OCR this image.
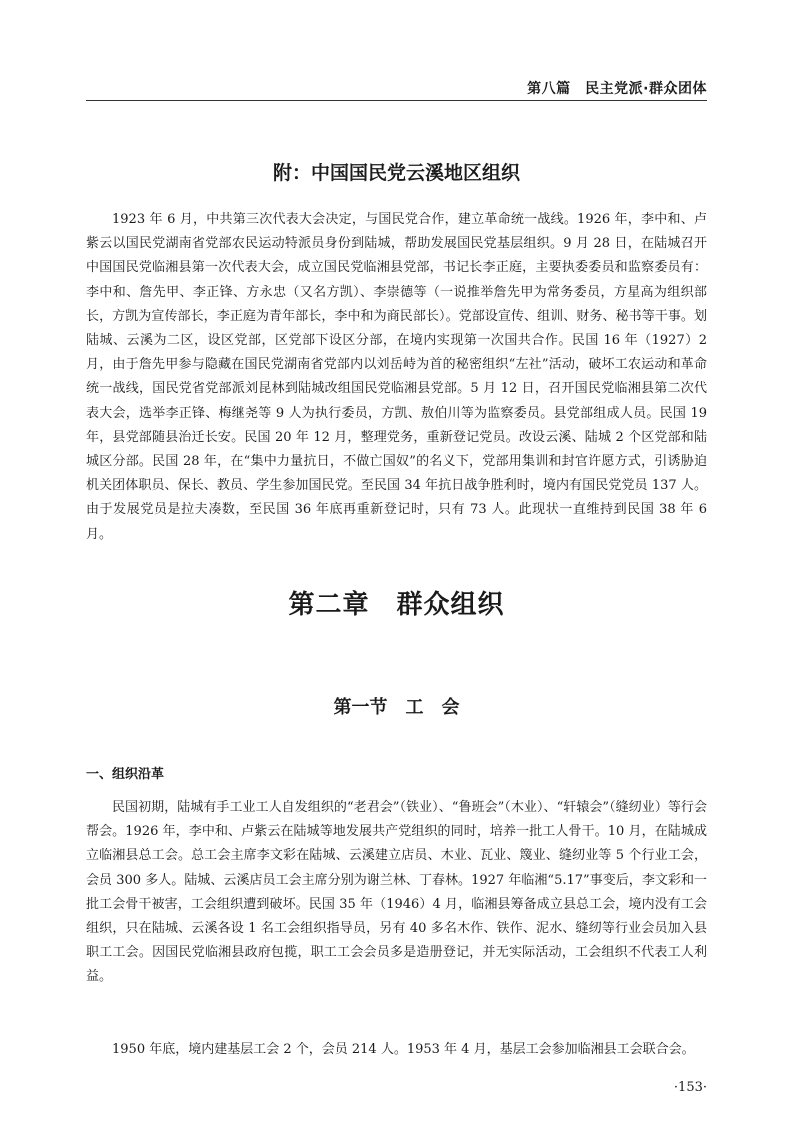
第八篇　民主党派·群众团体
附：中国国民党云溪地区组织

1923 年 6 月，中共第三次代表大会决定，与国民党合作，建立革命统一战线。1926 年，李中和、卢紫云以国民党湖南省党部农民运动特派员身份到陆城，帮助发展国民党基层组织。9 月 28 日，在陆城召开中国国民党临湘县第一次代表大会，成立国民党临湘县党部，书记长李正庭，主要执委委员和监察委员有：李中和、詹先甲、李正锋、方永忠（又名方凯）、李崇德等（一说推举詹先甲为常务委员，方星高为组织部长，方凯为宣传部长，李正庭为青年部长，李中和为商民部长）。党部设宣传、组训、财务、秘书等干事。划陆城、云溪为二区，设区党部，区党部下设区分部，在境内实现第一次国共合作。民国 16 年（1927）2 月，由于詹先甲参与隐藏在国民党湖南省党部内以刘岳峙为首的秘密组织“左社”活动，破坏工农运动和革命统一战线，国民党省党部派刘昆林到陆城改组国民党临湘县党部。5 月 12 日，召开国民党临湘县第二次代表大会，选举李正锋、梅继尧等 9 人为执行委员，方凯、敖伯川等为监察委员。县党部组成人员。民国 19 年，县党部随县治迁长安。民国 20 年 12 月，整理党务，重新登记党员。改设云溪、陆城 2 个区党部和陆城区分部。民国 28 年，在“集中力量抗日，不做亡国奴”的名义下，党部用集训和封官许愿方式，引诱胁迫机关团体职员、保长、教员、学生参加国民党。至民国 34 年抗日战争胜利时，境内有国民党党员 137 人。由于发展党员是拉夫凑数，至民国 36 年底再重新登记时，只有 73 人。此现状一直维持到民国 38 年 6 月。

第二章　群众组织
第一节　工　会
一、组织沿革

民国初期，陆城有手工业工人自发组织的“老君会”（铁业）、“鲁班会”（木业）、“轩辕会”（缝纫业）等行会帮会。1926 年，李中和、卢紫云在陆城等地发展共产党组织的同时，培养一批工人骨干。10 月，在陆城成立临湘县总工会。总工会主席李文彩在陆城、云溪建立店员、木业、瓦业、篾业、缝纫业等 5 个行业工会，会员 300 多人。陆城、云溪店员工会主席分别为谢兰林、丁春林。1927 年临湘“5.17”事变后，李文彩和一批工会骨干被害，工会组织遭到破坏。民国 35 年（1946）4 月，临湘县筹备成立县总工会，境内没有工会组织，只在陆城、云溪各设 1 名工会组织指导员，另有 40 多名木作、铁作、泥水、缝纫等行业会员加入县职工工会。因国民党临湘县政府包揽，职工工会会员多是造册登记，并无实际活动，工会组织不代表工人利益。

1950 年底，境内建基层工会 2 个，会员 214 人。1953 年 4 月，基层工会参加临湘县工会联合会。

·153·
